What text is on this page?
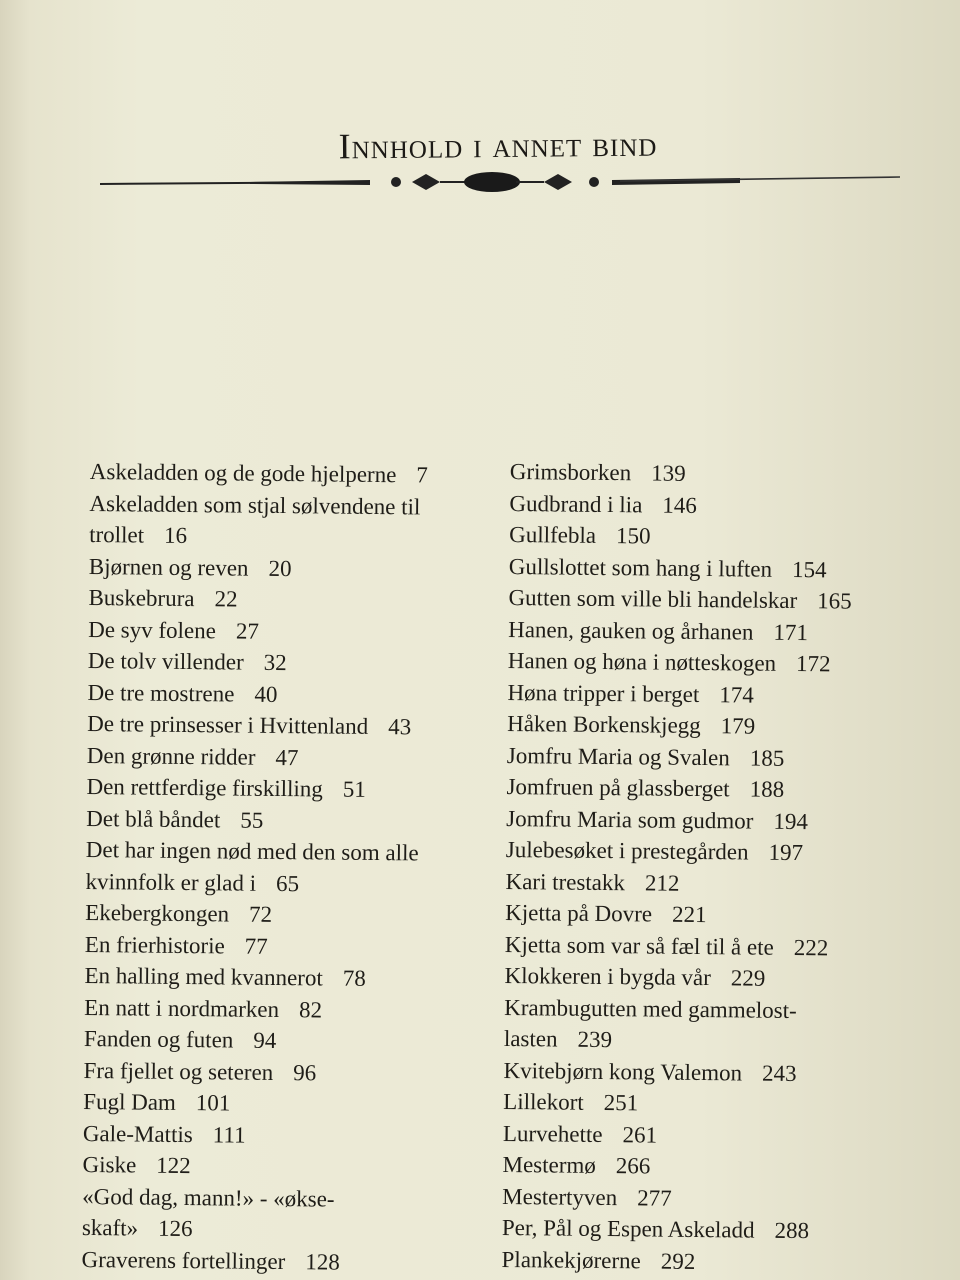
Innhold i annet bind
Askeladden og de gode hjelperne 7
Askeladden som stjal sølvendene til
trollet 16
Bjørnen og reven 20
Buskebrura 22
De syv folene 27
De tolv villender 32
De tre mostrene 40
De tre prinsesser i Hvittenland 43
Den grønne ridder 47
Den rettferdige firskilling 51
Det blå båndet 55
Det har ingen nød med den som alle
kvinnfolk er glad i 65
Ekebergkongen 72
En frierhistorie 77
En halling med kvannerot 78
En natt i nordmarken 82
Fanden og futen 94
Fra fjellet og seteren 96
Fugl Dam 101
Gale-Mattis 111
Giske 122
«God dag, mann!» - «økse-
skaft» 126
Graverens fortellinger 128
Grimsborken 139
Gudbrand i lia 146
Gullfebla 150
Gullslottet som hang i luften 154
Gutten som ville bli handelskar 165
Hanen, gauken og århanen 171
Hanen og høna i nøtteskogen 172
Høna tripper i berget 174
Håken Borkenskjegg 179
Jomfru Maria og Svalen 185
Jomfruen på glassberget 188
Jomfru Maria som gudmor 194
Julebesøket i prestegården 197
Kari trestakk 212
Kjetta på Dovre 221
Kjetta som var så fæl til å ete 222
Klokkeren i bygda vår 229
Krambugutten med gammelost-
lasten 239
Kvitebjørn kong Valemon 243
Lillekort 251
Lurvehette 261
Mestermø 266
Mestertyven 277
Per, Pål og Espen Askeladd 288
Plankekjørerne 292
